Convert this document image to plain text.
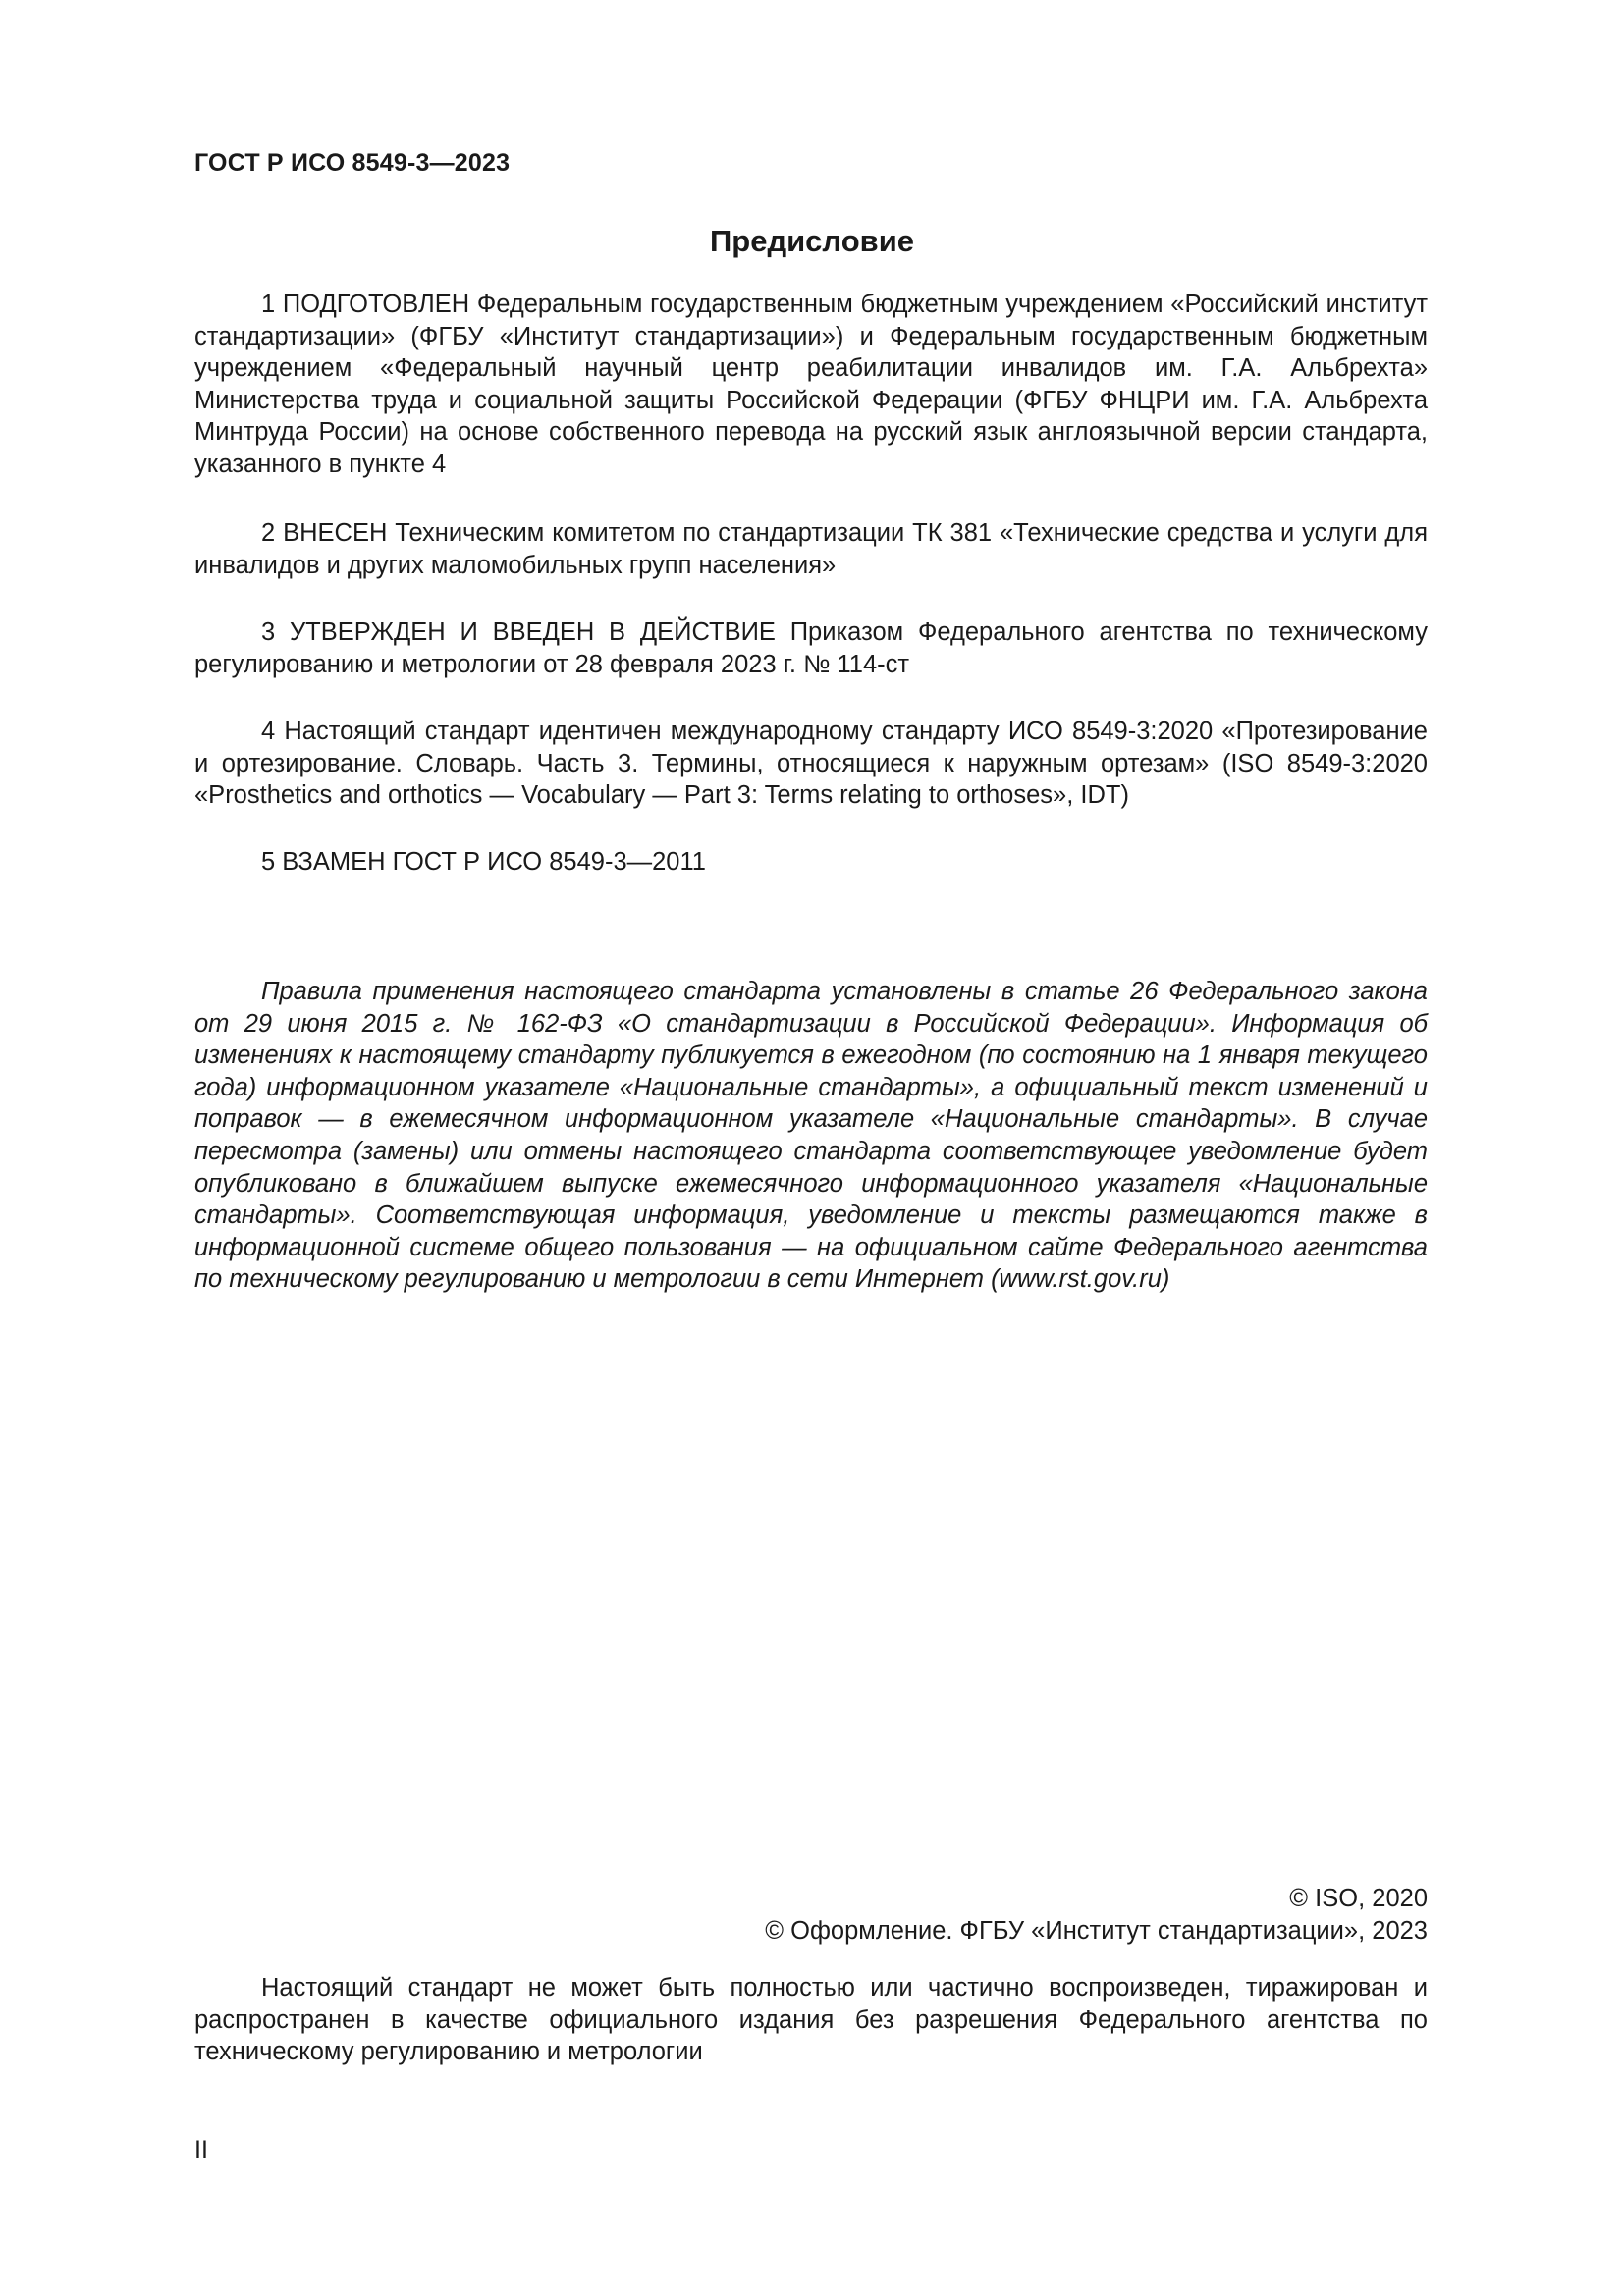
ГОСТ Р ИСО 8549-3—2023
Предисловие

1 ПОДГОТОВЛЕН Федеральным государственным бюджетным учреждением «Российский институт стандартизации» (ФГБУ «Институт стандартизации») и Федеральным государственным бюджетным учреждением «Федеральный научный центр реабилитации инвалидов им. Г.А. Альбрехта» Министерства труда и социальной защиты Российской Федерации (ФГБУ ФНЦРИ им. Г.А. Альбрехта Минтруда России) на основе собственного перевода на русский язык англоязычной версии стандарта, указанного в пункте 4

2 ВНЕСЕН Техническим комитетом по стандартизации ТК 381 «Технические средства и услуги для инвалидов и других маломобильных групп населения»

3 УТВЕРЖДЕН И ВВЕДЕН В ДЕЙСТВИЕ Приказом Федерального агентства по техническому регулированию и метрологии от 28 февраля 2023 г. № 114-ст

4 Настоящий стандарт идентичен международному стандарту ИСО 8549-3:2020 «Протезирование и ортезирование. Словарь. Часть 3. Термины, относящиеся к наружным ортезам» (ISO 8549-3:2020 «Prosthetics and orthotics — Vocabulary — Part 3: Terms relating to orthoses», IDT)

5 ВЗАМЕН ГОСТ Р ИСО 8549-3—2011

Правила применения настоящего стандарта установлены в статье 26 Федерального закона от 29 июня 2015 г. № 162-ФЗ «О стандартизации в Российской Федерации». Информация об изменениях к настоящему стандарту публикуется в ежегодном (по состоянию на 1 января текущего года) информационном указателе «Национальные стандарты», а официальный текст изменений и поправок — в ежемесячном информационном указателе «Национальные стандарты». В случае пересмотра (замены) или отмены настоящего стандарта соответствующее уведомление будет опубликовано в ближайшем выпуске ежемесячного информационного указателя «Национальные стандарты». Соответствующая информация, уведомление и тексты размещаются также в информационной системе общего пользования — на официальном сайте Федерального агентства по техническому регулированию и метрологии в сети Интернет (www.rst.gov.ru)

© ISO, 2020
© Оформление. ФГБУ «Институт стандартизации», 2023

Настоящий стандарт не может быть полностью или частично воспроизведен, тиражирован и распространен в качестве официального издания без разрешения Федерального агентства по техническому регулированию и метрологии

II
